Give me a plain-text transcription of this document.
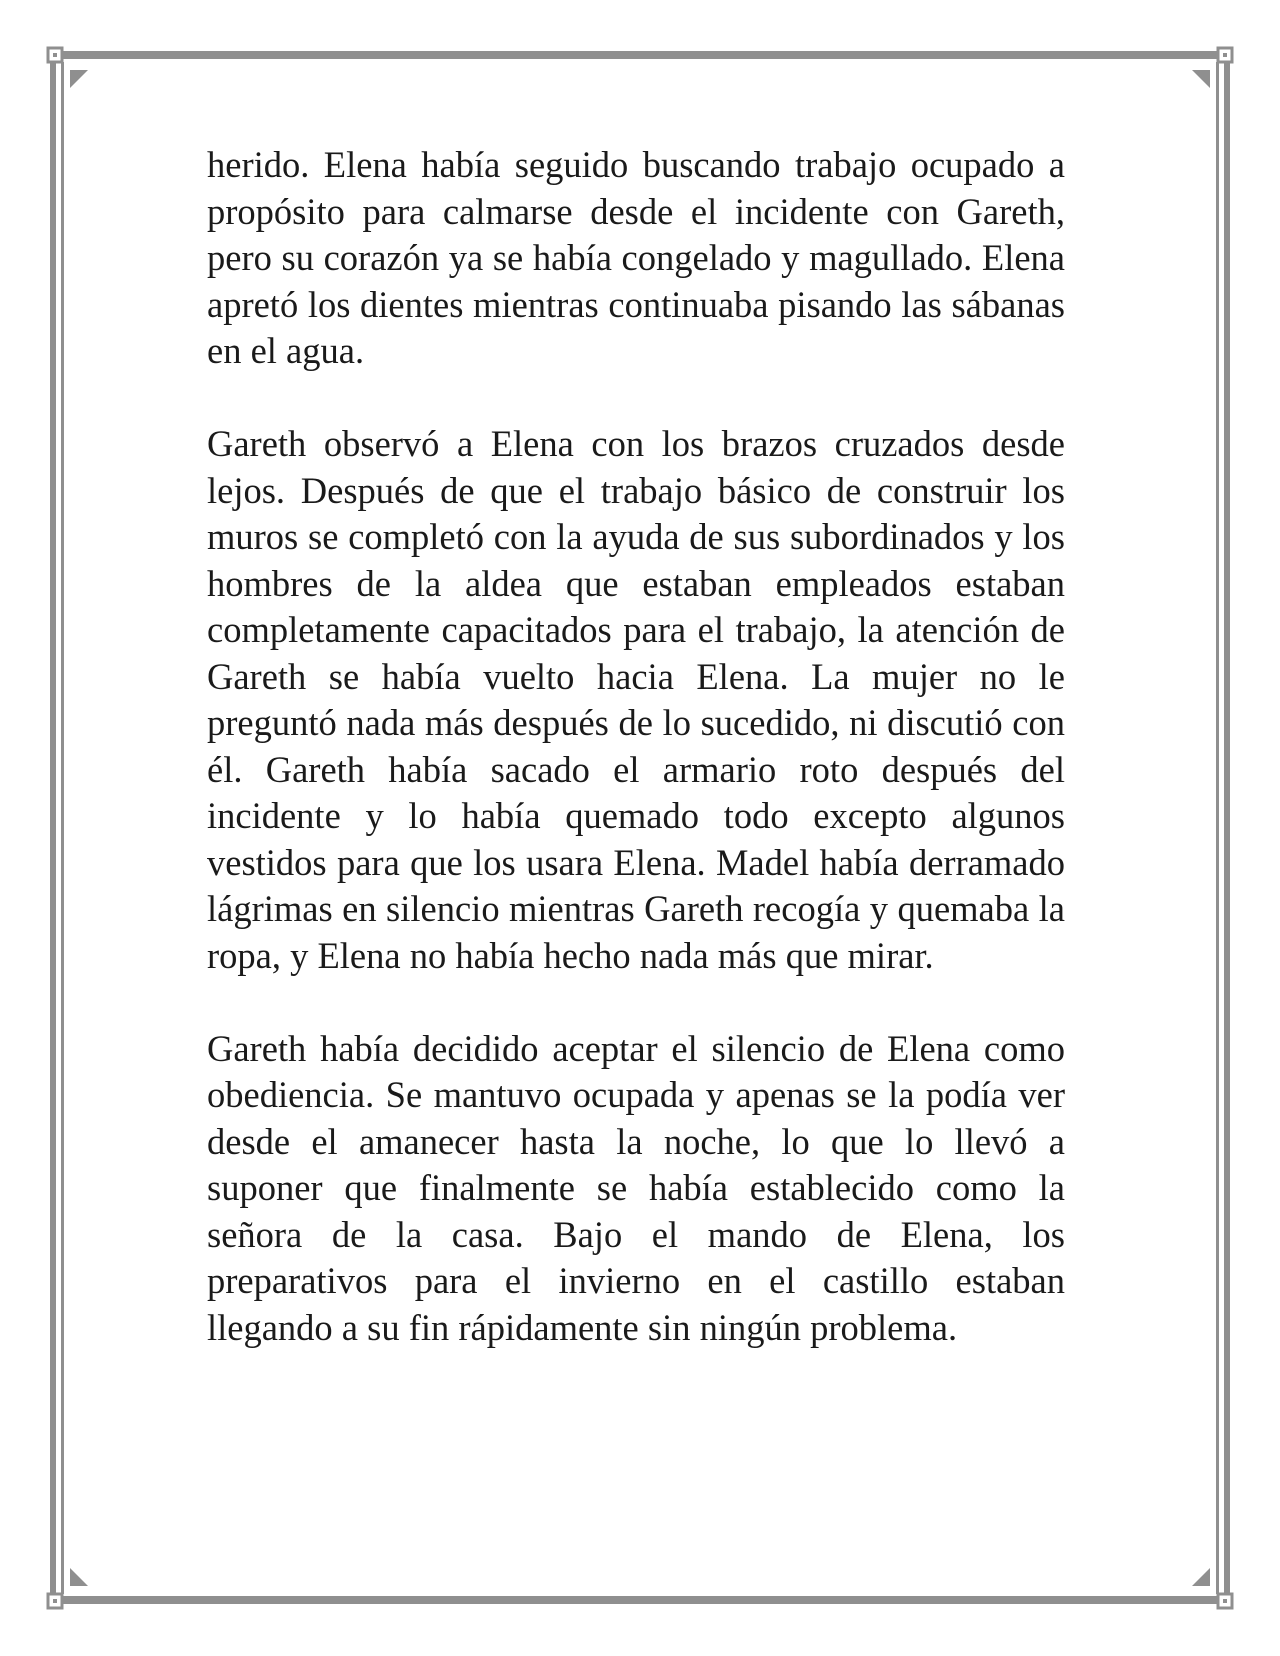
herido. Elena había seguido buscando trabajo ocupado a propósito para calmarse desde el incidente con Gareth, pero su corazón ya se había congelado y magullado. Elena apretó los dientes mientras continuaba pisando las sábanas en el agua.

Gareth observó a Elena con los brazos cruzados desde lejos. Después de que el trabajo básico de construir los muros se completó con la ayuda de sus subordinados y los hombres de la aldea que estaban empleados estaban completamente capacitados para el trabajo, la atención de Gareth se había vuelto hacia Elena. La mujer no le preguntó nada más después de lo sucedido, ni discutió con él. Gareth había sacado el armario roto después del incidente y lo había quemado todo excepto algunos vestidos para que los usara Elena. Madel había derramado lágrimas en silencio mientras Gareth recogía y quemaba la ropa, y Elena no había hecho nada más que mirar.

Gareth había decidido aceptar el silencio de Elena como obediencia. Se mantuvo ocupada y apenas se la podía ver desde el amanecer hasta la noche, lo que lo llevó a suponer que finalmente se había establecido como la señora de la casa. Bajo el mando de Elena, los preparativos para el invierno en el castillo estaban llegando a su fin rápidamente sin ningún problema.
